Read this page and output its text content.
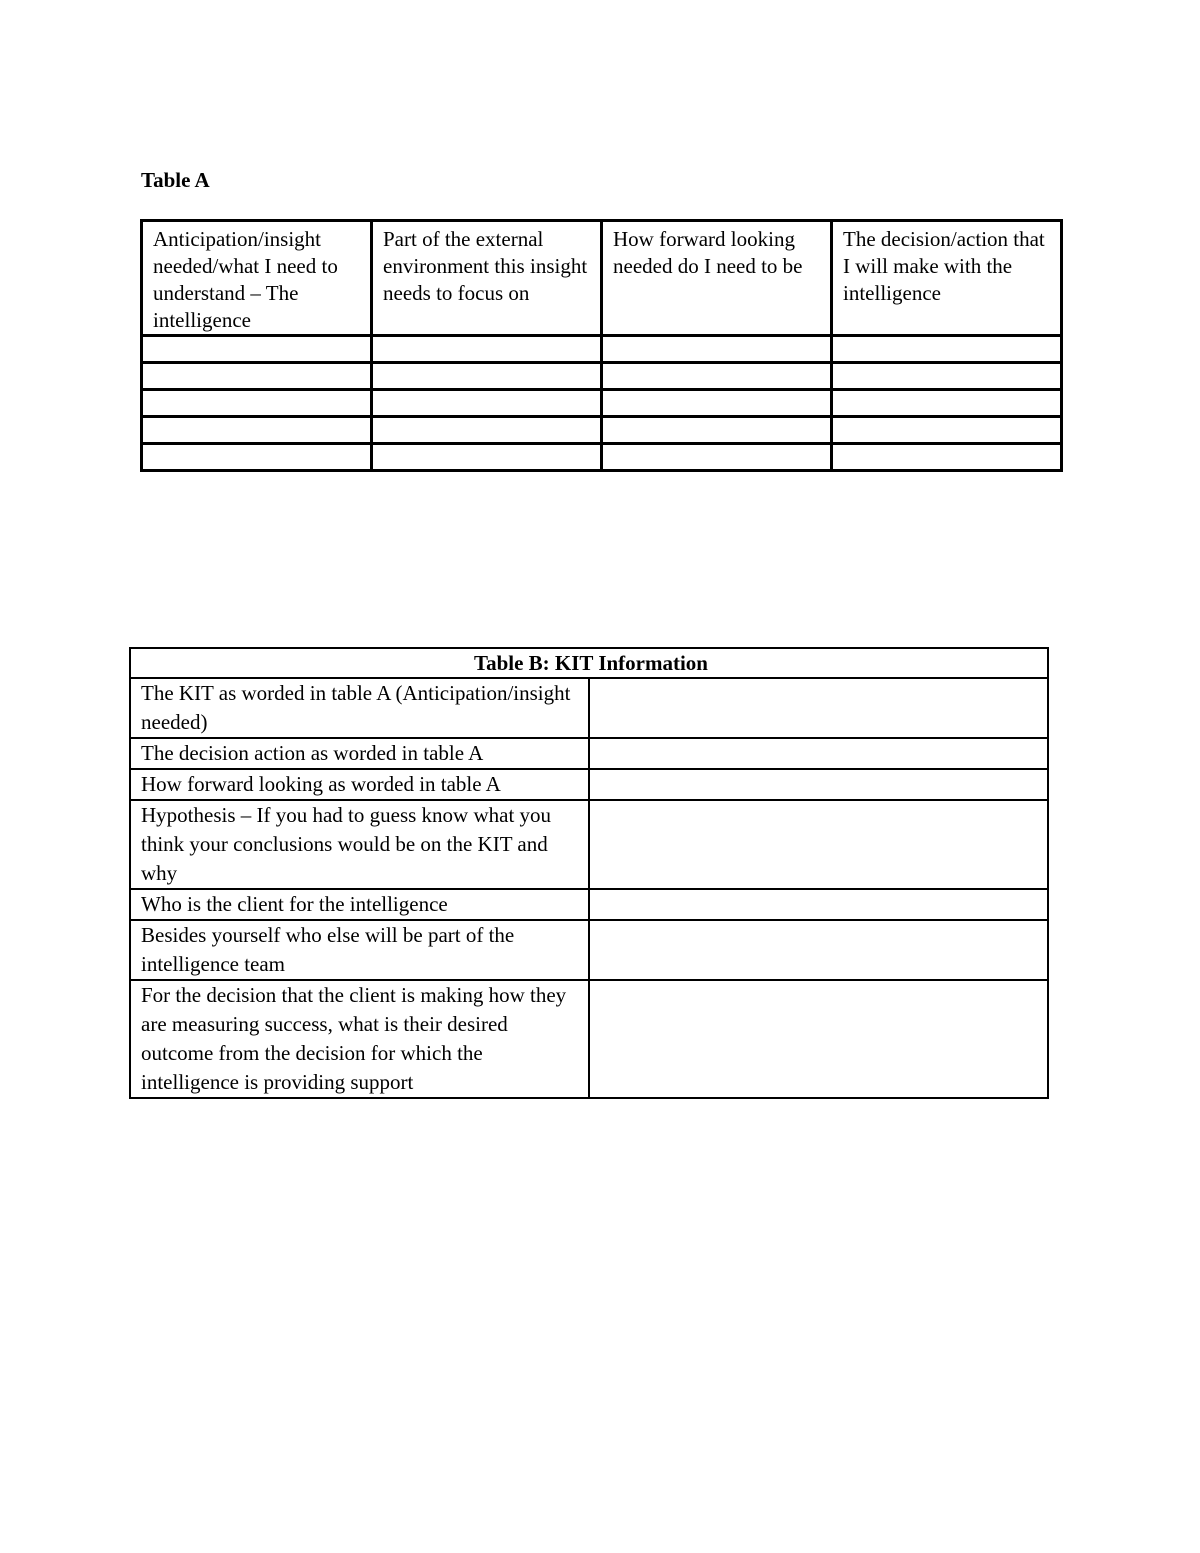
Table A
Anticipation/insight needed/what I need to understand – The intelligence	Part of the external environment this insight needs to focus on	How forward looking needed do I need to be	The decision/action that I will make with the intelligence

Table B: KIT Information	
The KIT as worded in table A (Anticipation/insight needed)	
The decision action as worded in table A	
How forward looking as worded in table A	
Hypothesis – If you had to guess know what you think your conclusions would be on the KIT and why	
Who is the client for the intelligence	
Besides yourself who else will be part of the intelligence team	
For the decision that the client is making how they are measuring success, what is their desired outcome from the decision for which the intelligence is providing support	
